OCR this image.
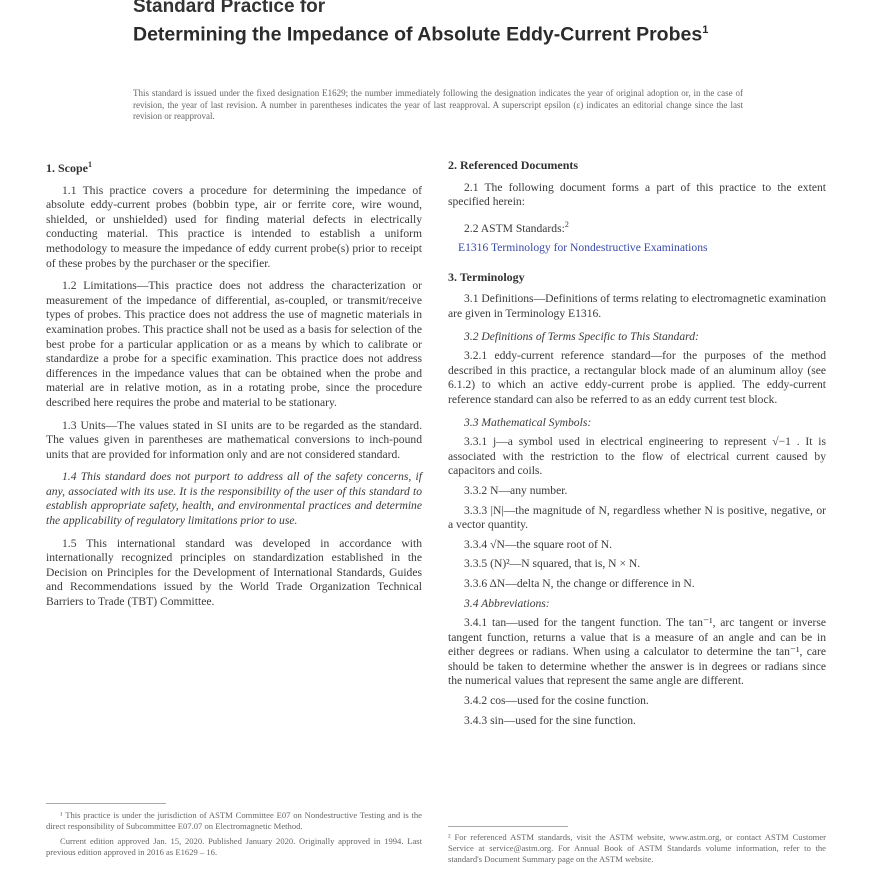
Standard Practice for
Determining the Impedance of Absolute Eddy-Current Probes$^1$
This standard is issued under the fixed designation E1629; the number immediately following the designation indicates the year of original adoption or, in the case of revision, the year of last revision. A number in parentheses indicates the year of last reapproval. A superscript epsilon (ε) indicates an editorial change since the last revision or reapproval.
1. Scope$^1$

1.1 This practice covers a procedure for determining the impedance of absolute eddy-current probes (bobbin type, air or ferrite core, wire wound, shielded, or unshielded) used for finding material defects in electrically conducting material. This practice is intended to establish a uniform methodology to measure the impedance of eddy current probe(s) prior to receipt of these probes by the purchaser or the specifier.

1.2 Limitations—This practice does not address the characterization or measurement of the impedance of differential, as-coupled, or transmit/receive types of probes. This practice does not address the use of magnetic materials in examination probes. This practice shall not be used as a basis for selection of the best probe for a particular application or as a means by which to calibrate or standardize a probe for a specific examination. This practice does not address differences in the impedance values that can be obtained when the probe and material are in relative motion, as in a rotating probe, since the procedure described here requires the probe and material to be stationary.

1.3 Units—The values stated in SI units are to be regarded as the standard. The values given in parentheses are mathematical conversions to inch-pound units that are provided for information only and are not considered standard.

1.4 This standard does not purport to address all of the safety concerns, if any, associated with its use. It is the responsibility of the user of this standard to establish appropriate safety, health, and environmental practices and determine the applicability of regulatory limitations prior to use.

1.5 This international standard was developed in accordance with internationally recognized principles on standardization established in the Decision on Principles for the Development of International Standards, Guides and Recommendations issued by the World Trade Organization Technical Barriers to Trade (TBT) Committee.

¹ This practice is under the jurisdiction of ASTM Committee E07 on Nondestructive Testing and is the direct responsibility of Subcommittee E07.07 on Electromagnetic Method.
Current edition approved Jan. 15, 2020. Published January 2020. Originally approved in 1994. Last previous edition approved in 2016 as E1629 – 16.
2. Referenced Documents

2.1 The following document forms a part of this practice to the extent specified herein:

2.2 ASTM Standards:$^2$

E1316 Terminology for Nondestructive Examinations

3. Terminology

3.1 Definitions—Definitions of terms relating to electromagnetic examination are given in Terminology E1316.

3.2 Definitions of Terms Specific to This Standard:

3.2.1 eddy-current reference standard—for the purposes of the method described in this practice, a rectangular block made of an aluminum alloy (see 6.1.2) to which an active eddy-current probe is applied. The eddy-current reference standard can also be referred to as an eddy current test block.

3.3 Mathematical Symbols:

3.3.1 j—a symbol used in electrical engineering to represent √−1 . It is associated with the restriction to the flow of electrical current caused by capacitors and coils.

3.3.2 N—any number.

3.3.3 |N|—the magnitude of N, regardless whether N is positive, negative, or a vector quantity.

3.3.4 √N—the square root of N.

3.3.5 (N)²—N squared, that is, N × N.

3.3.6 ΔN—delta N, the change or difference in N.

3.4 Abbreviations:

3.4.1 tan—used for the tangent function. The tan⁻¹, arc tangent or inverse tangent function, returns a value that is a measure of an angle and can be in either degrees or radians. When using a calculator to determine the tan⁻¹, care should be taken to determine whether the answer is in degrees or radians since the numerical values that represent the same angle are different.

3.4.2 cos—used for the cosine function.

3.4.3 sin—used for the sine function.

² For referenced ASTM standards, visit the ASTM website, www.astm.org, or contact ASTM Customer Service at service@astm.org. For Annual Book of ASTM Standards volume information, refer to the standard's Document Summary page on the ASTM website.
